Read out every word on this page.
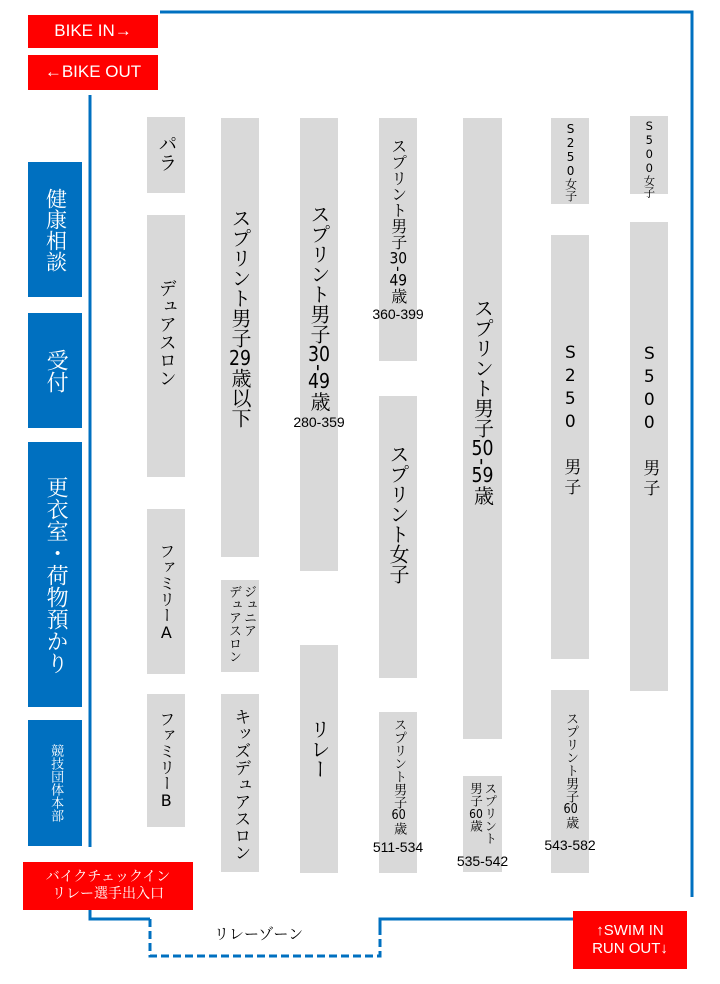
BIKE IN→
←BIKE OUT
バイクチェックイン
リレー選手出入口
↑SWIM IN
RUN OUT↓
健康相談
受付
更衣室・荷物預かり
競技団体本部
パラ
デュアスロン
ファミリーA
ファミリーB
スプリント男子29歳以下
ジュニア
デュアスロン
キッズデュアスロン
スプリント男子30-49歳
280-359
リレー
スプリント男子30-49歳
360-399
スプリント女子
スプリント男子60歳
511-534
スプリント男子50-59歳
スプリント
男子60歳
535-542
S250女子
S250 男子
スプリント男子60歳
543-582
S500女子
S500 男子
リレーゾーン
